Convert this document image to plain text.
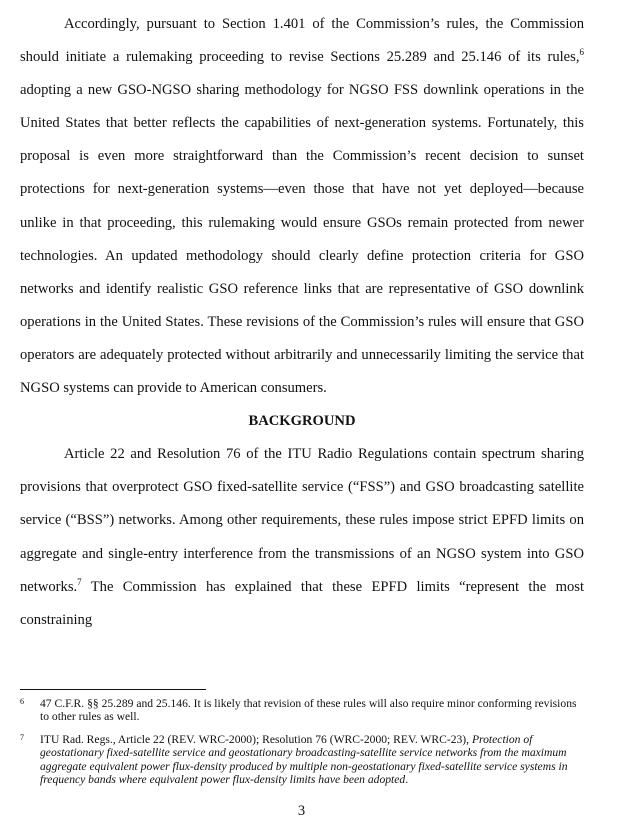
Accordingly, pursuant to Section 1.401 of the Commission’s rules, the Commission should initiate a rulemaking proceeding to revise Sections 25.289 and 25.146 of its rules,$^6$ adopting a new GSO-NGSO sharing methodology for NGSO FSS downlink operations in the United States that better reflects the capabilities of next-generation systems. Fortunately, this proposal is even more straightforward than the Commission’s recent decision to sunset protections for next-generation systems—even those that have not yet deployed—because unlike in that proceeding, this rulemaking would ensure GSOs remain protected from newer technologies. An updated methodology should clearly define protection criteria for GSO networks and identify realistic GSO reference links that are representative of GSO downlink operations in the United States. These revisions of the Commission’s rules will ensure that GSO operators are adequately protected without arbitrarily and unnecessarily limiting the service that NGSO systems can provide to American consumers.

BACKGROUND

Article 22 and Resolution 76 of the ITU Radio Regulations contain spectrum sharing provisions that overprotect GSO fixed-satellite service (“FSS”) and GSO broadcasting satellite service (“BSS”) networks. Among other requirements, these rules impose strict EPFD limits on aggregate and single-entry interference from the transmissions of an NGSO system into GSO networks.$^7$ The Commission has explained that these EPFD limits “represent the most constraining

6 47 C.F.R. §§ 25.289 and 25.146. It is likely that revision of these rules will also require minor conforming revisions to other rules as well.
7 ITU Rad. Regs., Article 22 (REV. WRC-2000); Resolution 76 (WRC-2000; REV. WRC-23), Protection of geostationary fixed-satellite service and geostationary broadcasting-satellite service networks from the maximum aggregate equivalent power flux-density produced by multiple non-geostationary fixed-satellite service systems in frequency bands where equivalent power flux-density limits have been adopted.
3
